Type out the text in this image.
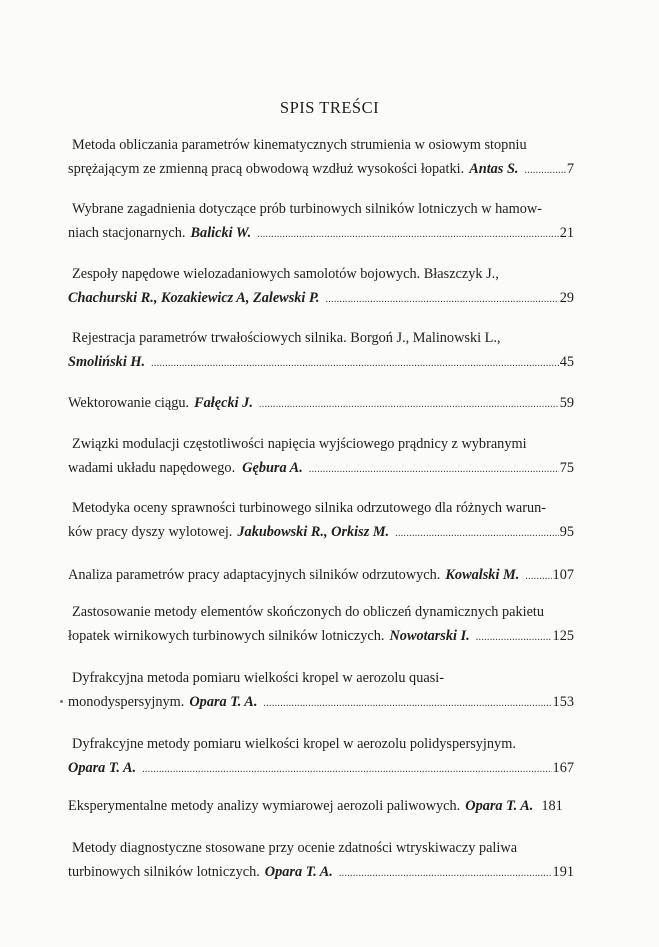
SPIS TREŚCI
Metoda obliczania parametrów kinematycznych strumienia w osiowym stopniu
sprężającym ze zmienną pracą obwodową wzdłuż wysokości łopatki. Antas S. .....	7
Wybrane zagadnienia dotyczące prób turbinowych silników lotniczych w hamow-
niach stacjonarnych. Balicki W. .....	21
Zespoły napędowe wielozadaniowych samolotów bojowych. Błaszczyk J.,
Chachurski R., Kozakiewicz A, Zalewski P. .....	29
Rejestracja parametrów trwałościowych silnika. Borgoń J., Malinowski L.,
Smoliński H. .....	45
Wektorowanie ciągu. Fałęcki J. .....	59
Związki modulacji częstotliwości napięcia wyjściowego prądnicy z wybranymi
wadami układu napędowego. Gębura A. .....	75
Metodyka oceny sprawności turbinowego silnika odrzutowego dla różnych warun-
ków pracy dyszy wylotowej. Jakubowski R., Orkisz M. .....	95
Analiza parametrów pracy adaptacyjnych silników odrzutowych. Kowalski M. ..... 107
Zastosowanie metody elementów skończonych do obliczeń dynamicznych pakietu
łopatek wirnikowych turbinowych silników lotniczych. Nowotarski I. .....	125
Dyfrakcyjna metoda pomiaru wielkości kropel w aerozolu quasi-
monodyspersyjnym. Opara T. A. .....	153
Dyfrakcyjne metody pomiaru wielkości kropel w aerozolu polidyspersyjnym.
Opara T. A. .....	167
Eksperymentalne metody analizy wymiarowej aerozoli paliwowych. Opara T. A. 181
Metody diagnostyczne stosowane przy ocenie zdatności wtryskiwaczy paliwa
turbinowych silników lotniczych. Opara T. A. .....	191
